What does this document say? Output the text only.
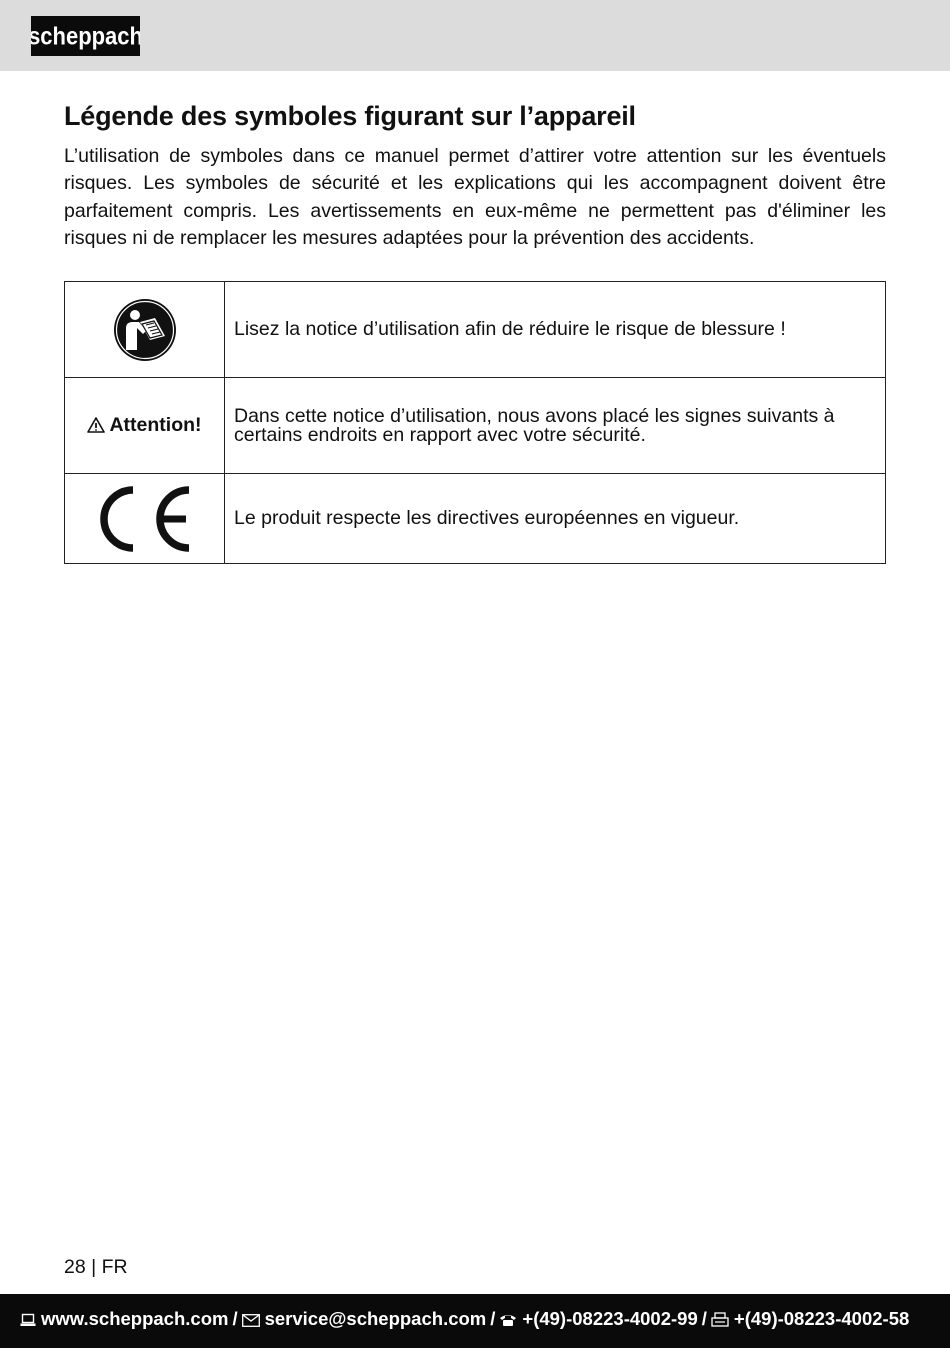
scheppach
Légende des symboles figurant sur l’appareil

L’utilisation de symboles dans ce manuel permet d’attirer votre attention sur les éventuels risques. Les symboles de sécurité et les explications qui les accompagnent doivent être parfaitement compris. Les avertissements en eux-même ne permettent pas d'éliminer les risques ni de remplacer les mesures adaptées pour la prévention des accidents.

	Lisez la notice d’utilisation afin de réduire le risque de blessure !
Attention!	Dans cette notice d’utilisation, nous avons placé les signes suivants à certains endroits en rapport avec votre sécurité.

	Le produit respecte les directives européennes en vigueur.
28 | FR
www.scheppach.com / service@scheppach.com / +(49)-08223-4002-99 / +(49)-08223-4002-58
